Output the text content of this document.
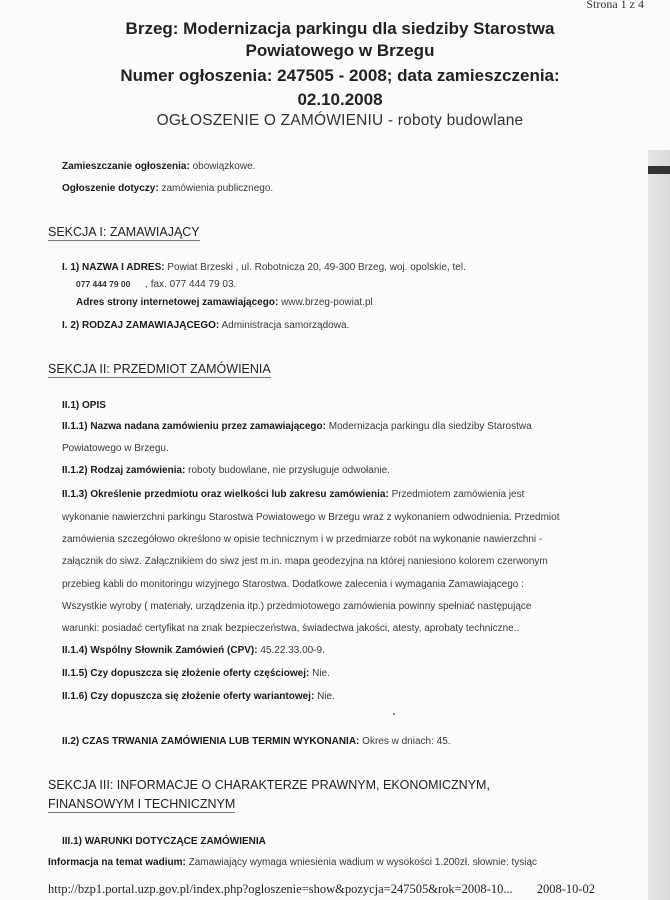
Strona 1 z 4
Brzeg: Modernizacja parkingu dla siedziby Starostwa
Powiatowego w Brzegu
Numer ogłoszenia: 247505 - 2008; data zamieszczenia:
02.10.2008
OGŁOSZENIE O ZAMÓWIENIU - roboty budowlane
Zamieszczanie ogłoszenia: obowiązkowe.
Ogłoszenie dotyczy: zamówienia publicznego.
SEKCJA I: ZAMAWIAJĄCY
I. 1) NAZWA I ADRES: Powiat Brzeski , ul. Robotnicza 20, 49-300 Brzeg, woj. opolskie, tel.
077 444 79 00 , fax. 077 444 79 03.
Adres strony internetowej zamawiającego: www.brzeg-powiat.pl
I. 2) RODZAJ ZAMAWIAJĄCEGO: Administracja samorządowa.
SEKCJA II: PRZEDMIOT ZAMÓWIENIA
II.1) OPIS
II.1.1) Nazwa nadana zamówieniu przez zamawiającego: Modernizacja parkingu dla siedziby Starostwa
Powiatowego w Brzegu.
II.1.2) Rodzaj zamówienia: roboty budowlane, nie przysługuje odwołanie.
II.1.3) Określenie przedmiotu oraz wielkości lub zakresu zamówienia: Przedmiotem zamówienia jest
wykonanie nawierzchni parkingu Starostwa Powiatowego w Brzegu wraz z wykonaniem odwodnienia. Przedmiot
zamówienia szczegółowo określono w opisie technicznym i w przedmiarze robót na wykonanie nawierzchni -
załącznik do siwz. Załącznikiem do siwz jest m.in. mapa geodezyjna na której naniesiono kolorem czerwonym
przebieg kabli do monitoringu wizyjnego Starostwa. Dodatkowe zalecenia i wymagania Zamawiającego :
Wszystkie wyroby ( materiały, urządzenia itp.) przedmiotowego zamówienia powinny spełniać następujące
warunki: posiadać certyfikat na znak bezpieczeństwa, świadectwa jakości, atesty, aprobaty techniczne..
II.1.4) Wspólny Słownik Zamówień (CPV): 45.22.33.00-9.
II.1.5) Czy dopuszcza się złożenie oferty częściowej: Nie.
II.1.6) Czy dopuszcza się złożenie oferty wariantowej: Nie.
II.2) CZAS TRWANIA ZAMÓWIENIA LUB TERMIN WYKONANIA: Okres w dniach: 45.
SEKCJA III: INFORMACJE O CHARAKTERZE PRAWNYM, EKONOMICZNYM,
FINANSOWYM I TECHNICZNYM
III.1) WARUNKI DOTYCZĄCE ZAMÓWIENIA
Informacja na temat wadium: Zamawiający wymaga wniesienia wadium w wysokości 1.200zł. słownie: tysiąc
http://bzp1.portal.uzp.gov.pl/index.php?ogloszenie=show&pozycja=247505&rok=2008-10... 2008-10-02
